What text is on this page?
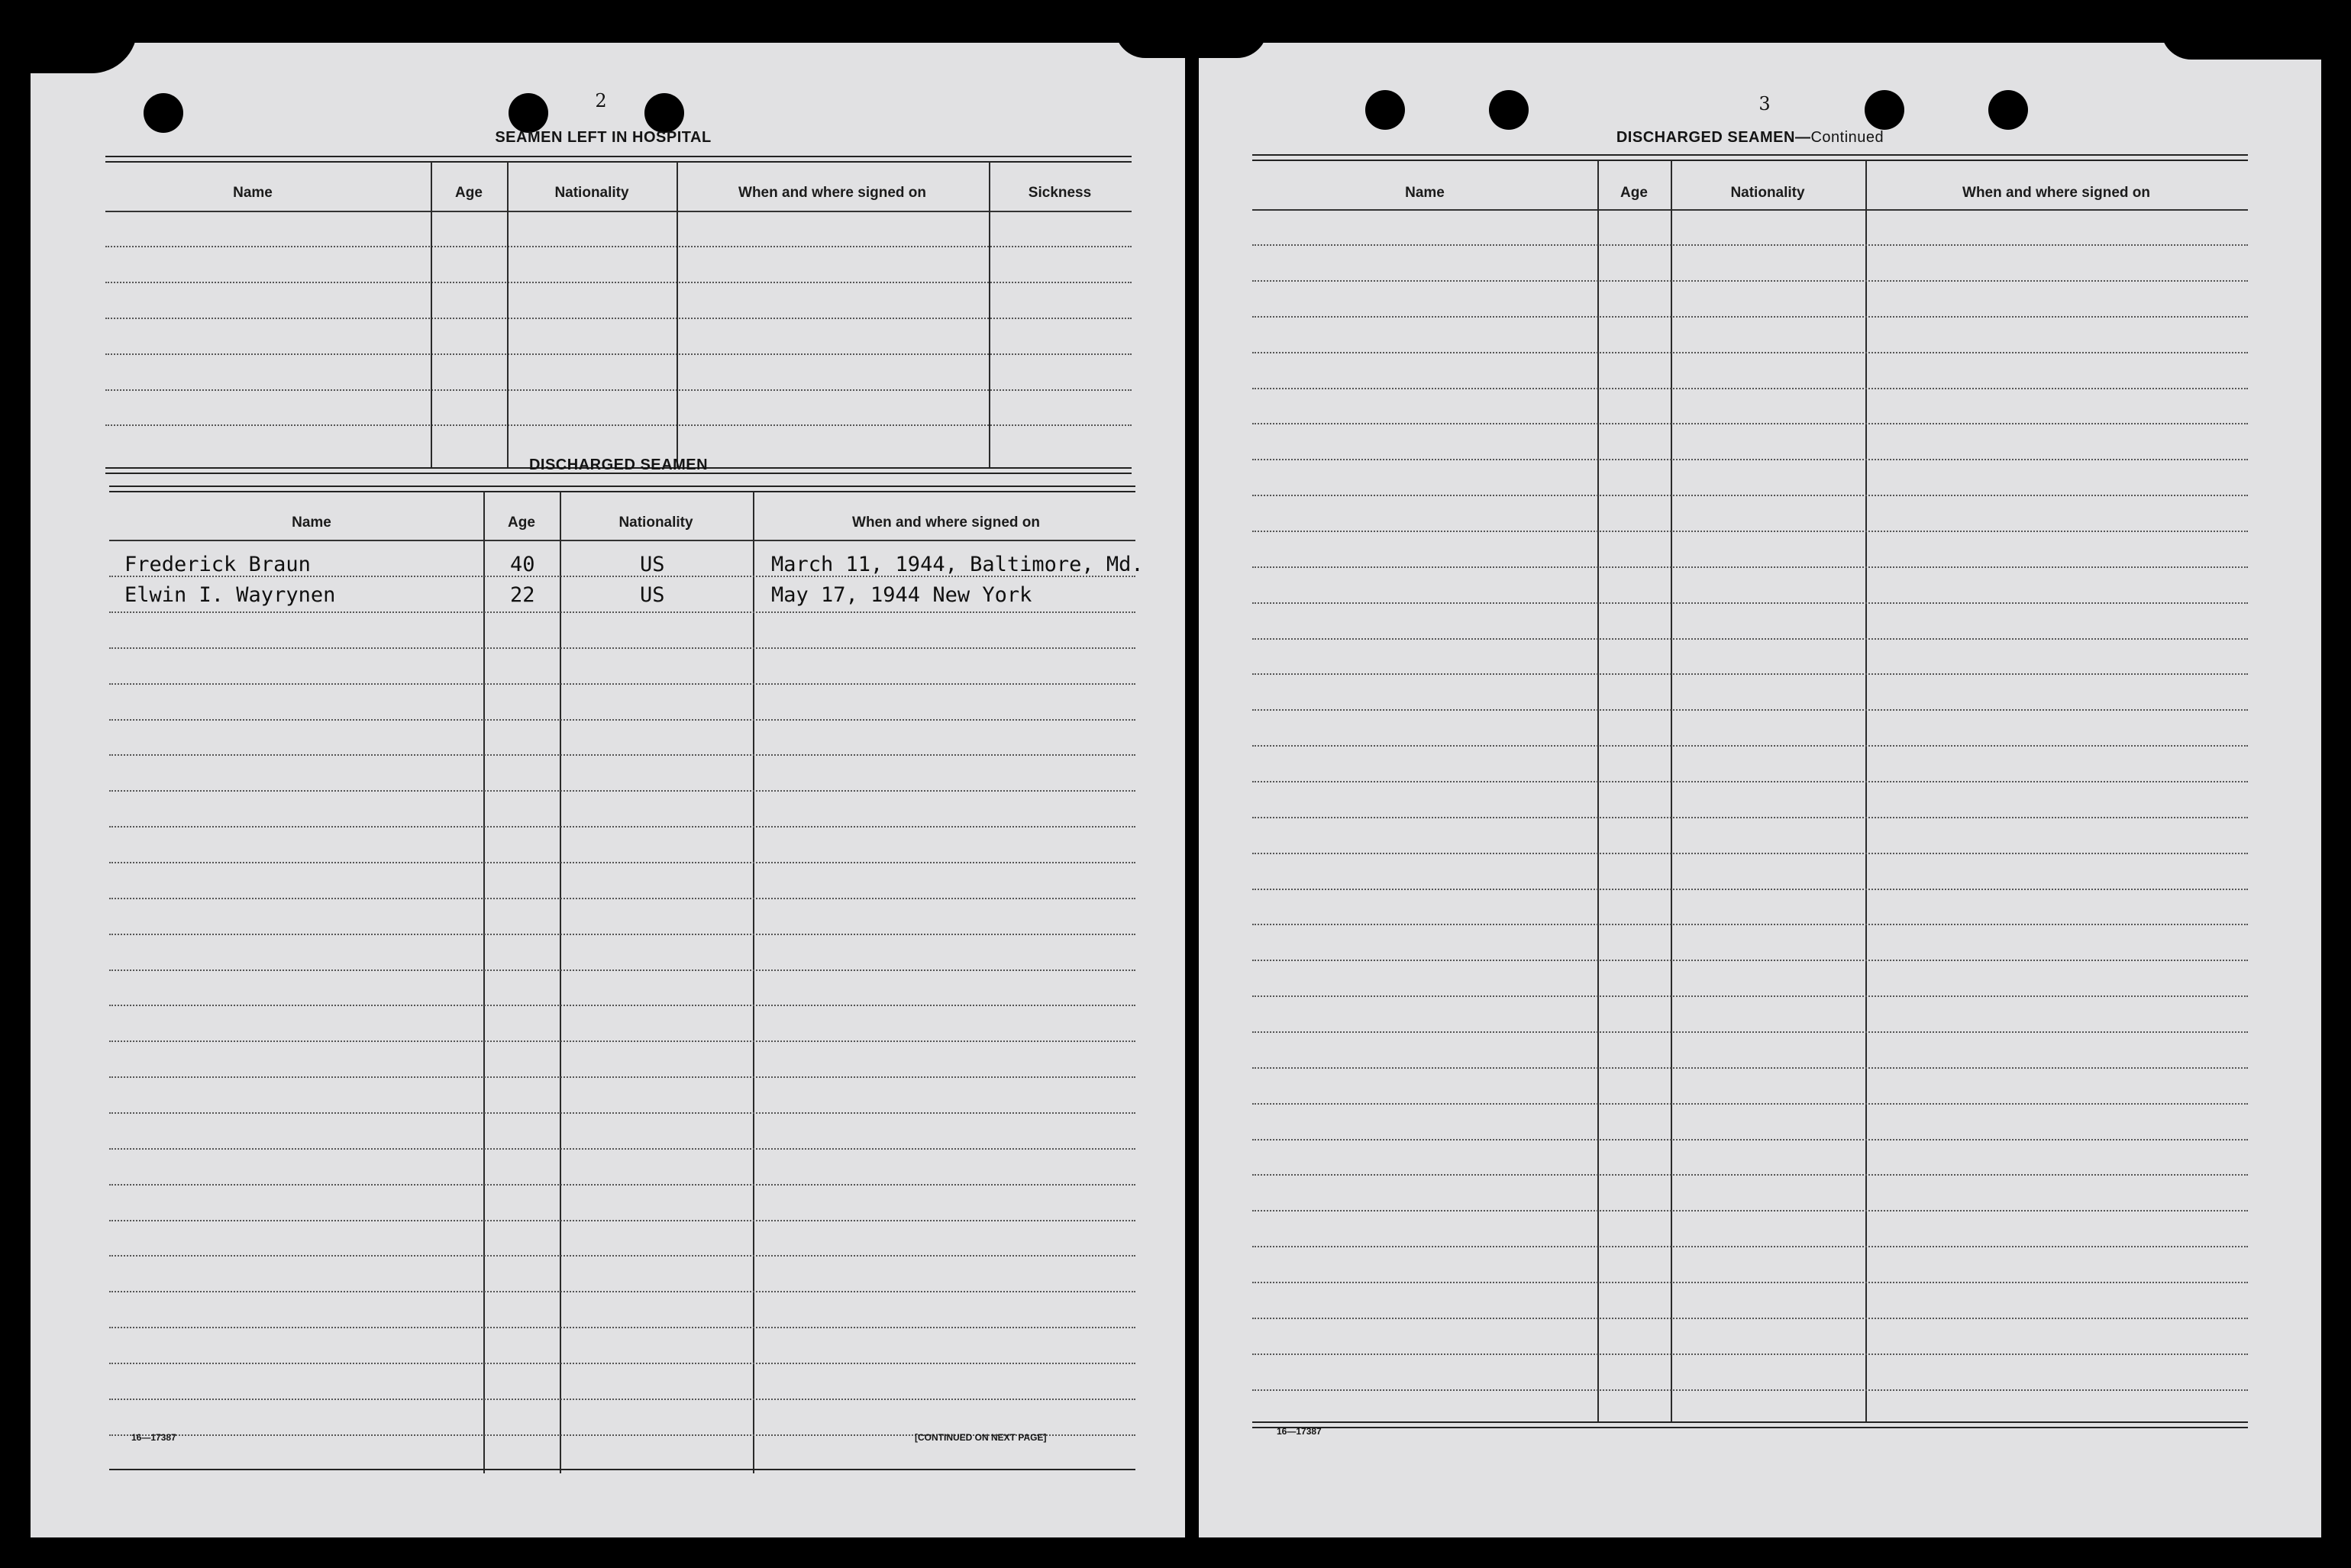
2
SEAMEN LEFT IN HOSPITAL
Name	Age	Nationality	When and where signed on	Sickness
DISCHARGED SEAMEN
Name	Age	Nationality	When and where signed on
Frederick Braun	40	US	March 11, 1944, Baltimore, Md.
Elwin I. Wayrynen	22	US	May 17, 1944 New York
16—17387	[CONTINUED ON NEXT PAGE]
3
DISCHARGED SEAMEN—Continued
Name	Age	Nationality	When and where signed on
16—17387
